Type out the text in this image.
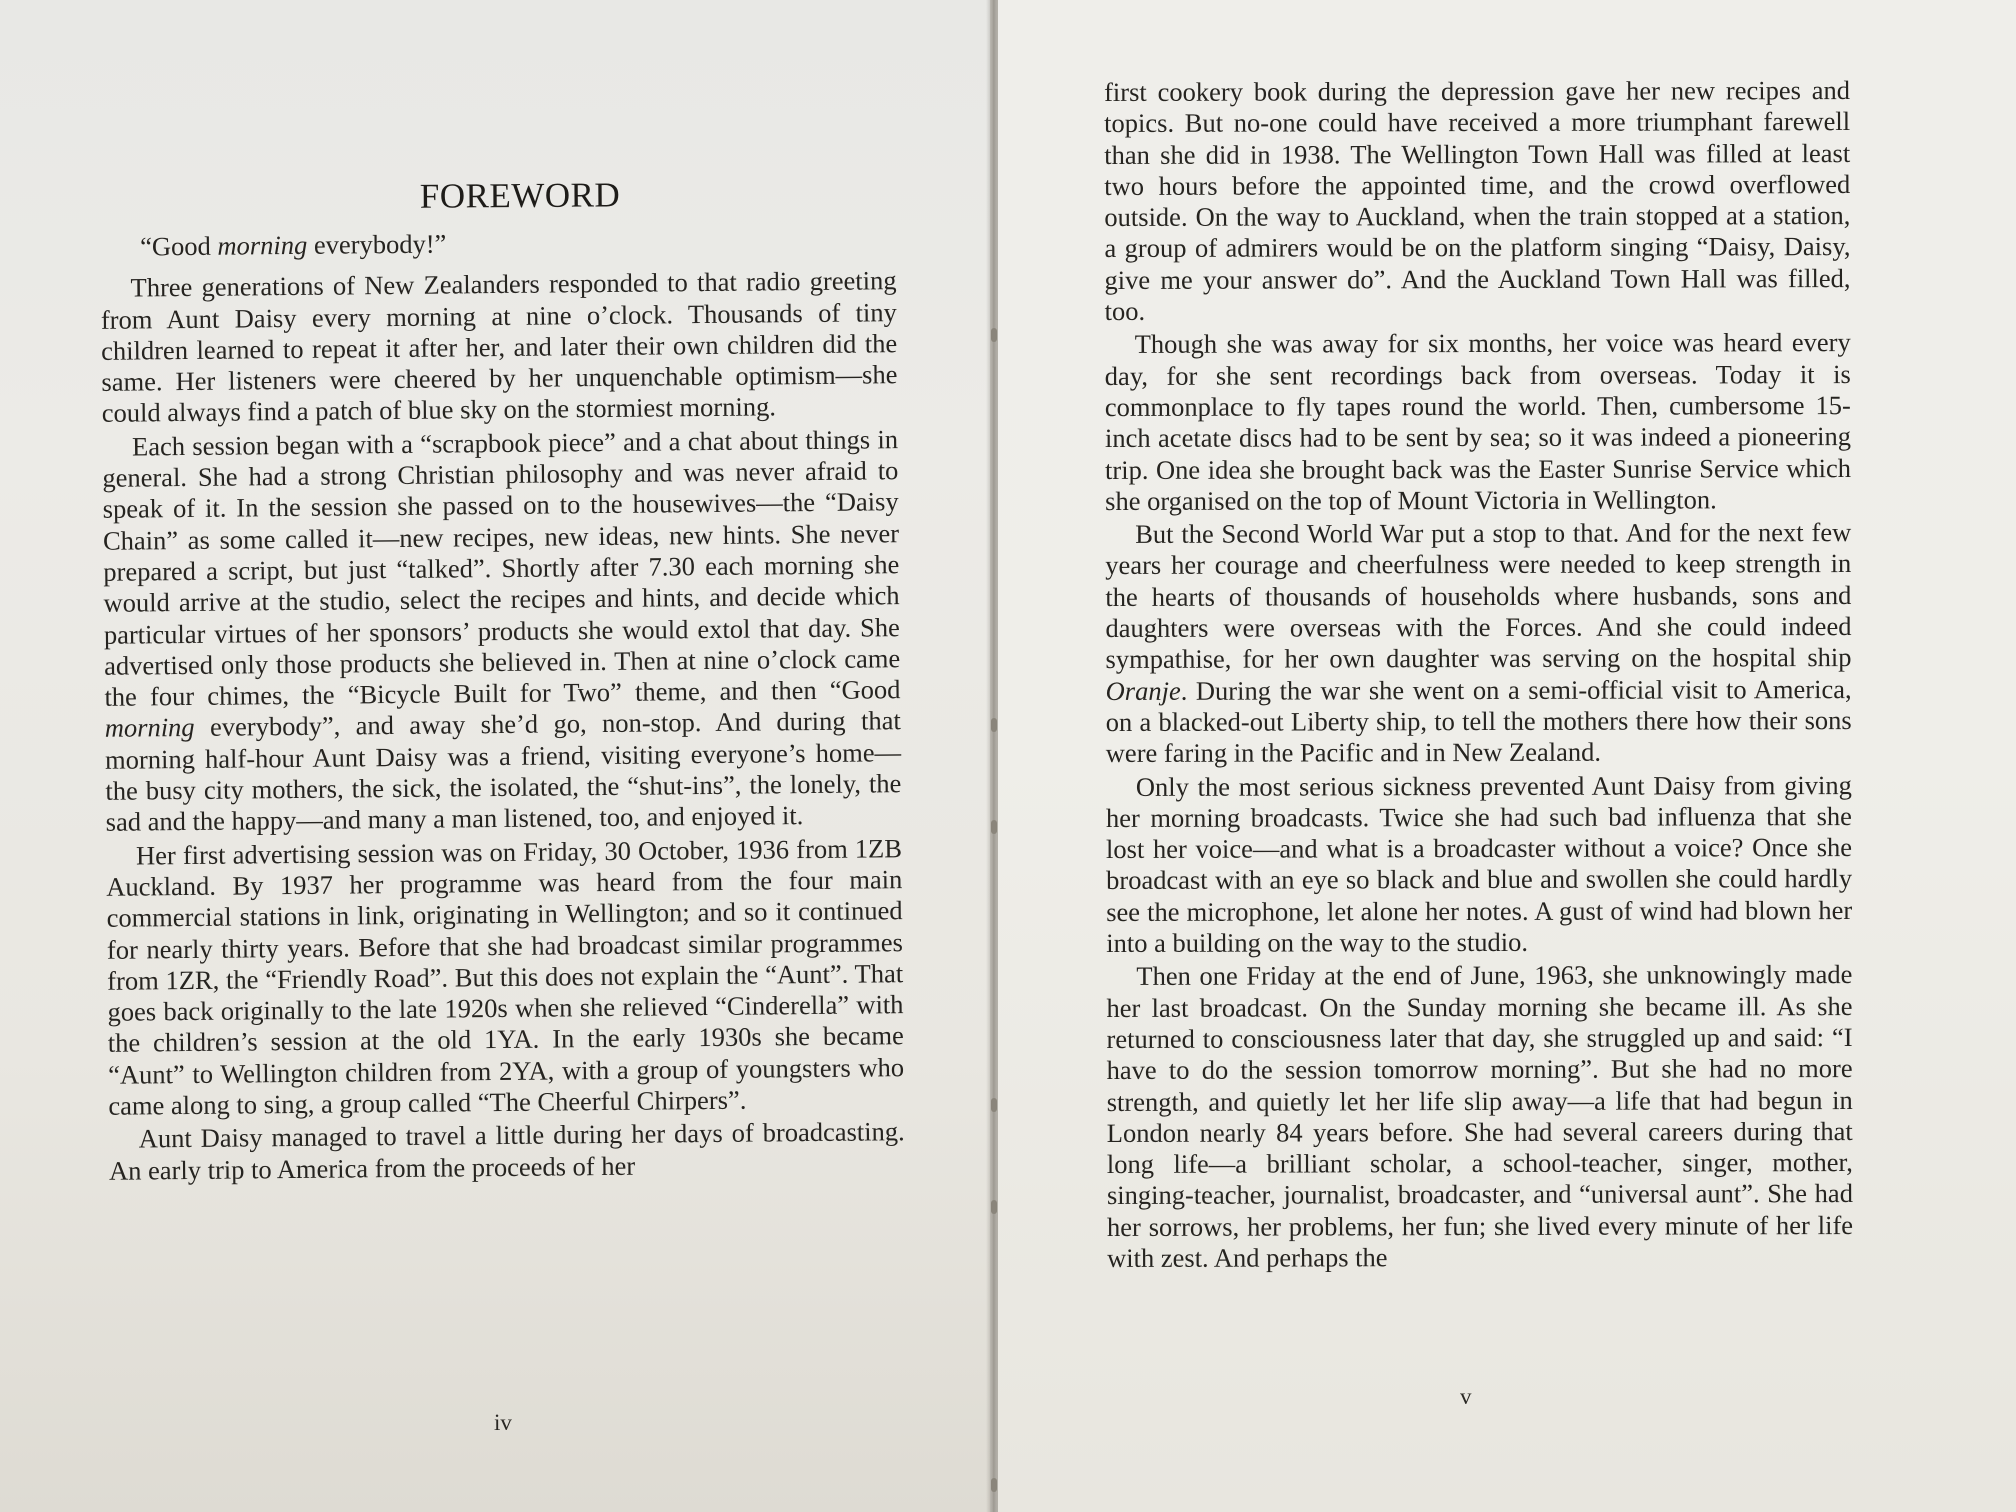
FOREWORD

“Good morning everybody!”

Three generations of New Zealanders responded to that radio greeting from Aunt Daisy every morning at nine o’clock. Thousands of tiny children learned to repeat it after her, and later their own children did the same. Her listeners were cheered by her unquenchable optimism—she could always find a patch of blue sky on the stormiest morning.

Each session began with a “scrapbook piece” and a chat about things in general. She had a strong Christian philosophy and was never afraid to speak of it. In the session she passed on to the housewives—the “Daisy Chain” as some called it—new recipes, new ideas, new hints. She never prepared a script, but just “talked”. Shortly after 7.30 each morning she would arrive at the studio, select the recipes and hints, and decide which particular virtues of her sponsors’ products she would extol that day. She advertised only those products she believed in. Then at nine o’clock came the four chimes, the “Bicycle Built for Two” theme, and then “Good morning everybody”, and away she’d go, non-stop. And during that morning half-hour Aunt Daisy was a friend, visiting everyone’s home—the busy city mothers, the sick, the isolated, the “shut-ins”, the lonely, the sad and the happy—and many a man listened, too, and enjoyed it.

Her first advertising session was on Friday, 30 October, 1936 from 1ZB Auckland. By 1937 her programme was heard from the four main commercial stations in link, originating in Wellington; and so it continued for nearly thirty years. Before that she had broadcast similar programmes from 1ZR, the “Friendly Road”. But this does not explain the “Aunt”. That goes back originally to the late 1920s when she relieved “Cinderella” with the children’s session at the old 1YA. In the early 1930s she became “Aunt” to Wellington children from 2YA, with a group of youngsters who came along to sing, a group called “The Cheerful Chirpers”.

Aunt Daisy managed to travel a little during her days of broadcasting. An early trip to America from the proceeds of her

iv

first cookery book during the depression gave her new recipes and topics. But no-one could have received a more triumphant farewell than she did in 1938. The Wellington Town Hall was filled at least two hours before the appointed time, and the crowd overflowed outside. On the way to Auckland, when the train stopped at a station, a group of admirers would be on the platform singing “Daisy, Daisy, give me your answer do”. And the Auckland Town Hall was filled, too.

Though she was away for six months, her voice was heard every day, for she sent recordings back from overseas. Today it is commonplace to fly tapes round the world. Then, cumbersome 15-inch acetate discs had to be sent by sea; so it was indeed a pioneering trip. One idea she brought back was the Easter Sunrise Service which she organised on the top of Mount Victoria in Wellington.

But the Second World War put a stop to that. And for the next few years her courage and cheerfulness were needed to keep strength in the hearts of thousands of households where husbands, sons and daughters were overseas with the Forces. And she could indeed sympathise, for her own daughter was serving on the hospital ship Oranje. During the war she went on a semi-official visit to America, on a blacked-out Liberty ship, to tell the mothers there how their sons were faring in the Pacific and in New Zealand.

Only the most serious sickness prevented Aunt Daisy from giving her morning broadcasts. Twice she had such bad influenza that she lost her voice—and what is a broadcaster without a voice? Once she broadcast with an eye so black and blue and swollen she could hardly see the microphone, let alone her notes. A gust of wind had blown her into a building on the way to the studio.

Then one Friday at the end of June, 1963, she unknowingly made her last broadcast. On the Sunday morning she became ill. As she returned to consciousness later that day, she struggled up and said: “I have to do the session tomorrow morning”. But she had no more strength, and quietly let her life slip away—a life that had begun in London nearly 84 years before. She had several careers during that long life—a brilliant scholar, a school-teacher, singer, mother, singing-teacher, journalist, broadcaster, and “universal aunt”. She had her sorrows, her problems, her fun; she lived every minute of her life with zest. And perhaps the

v
